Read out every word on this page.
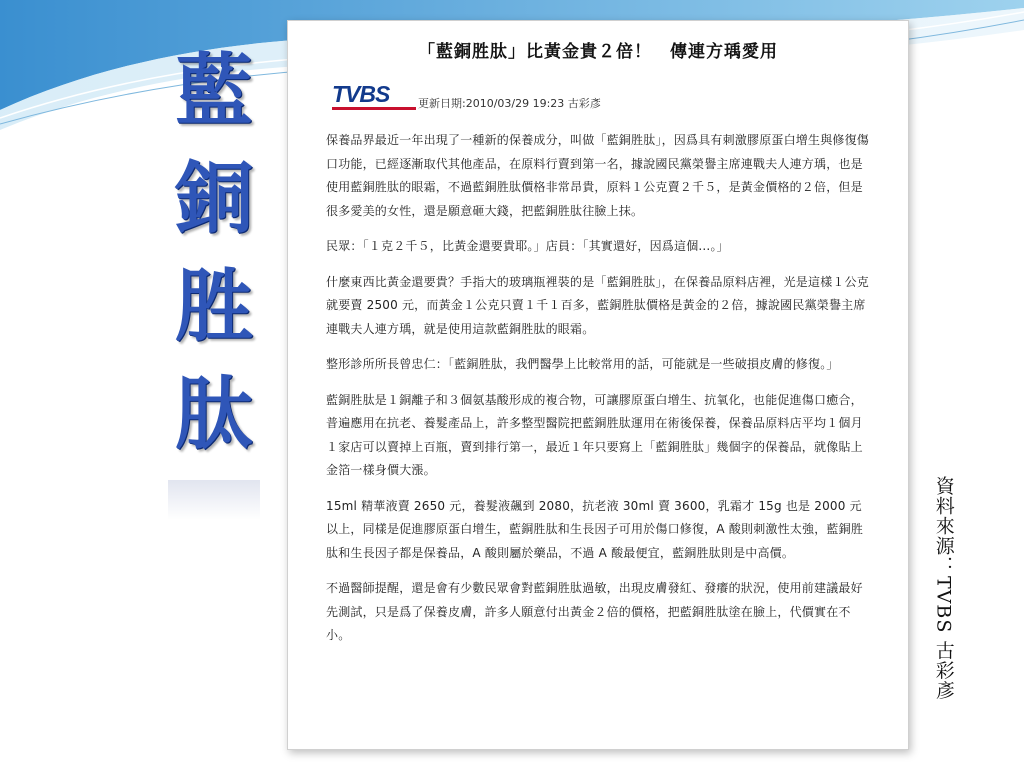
藍
銅
胜
肽
「藍銅胜肽」比黃金貴２倍！　傳連方瑀愛用
TVBS	更新日期:2010/03/29 19:23 古彩彥

保養品界最近一年出現了一種新的保養成分，叫做「藍銅胜肽」，因爲具有刺激膠原蛋白增生與修復傷口功能，已經逐漸取代其他產品，在原料行賣到第一名，據說國民黨榮譽主席連戰夫人連方瑀，也是使用藍銅胜肽的眼霜，不過藍銅胜肽價格非常昂貴，原料１公克賣２千５，是黃金價格的２倍，但是很多愛美的女性，還是願意砸大錢，把藍銅胜肽往臉上抹。

民眾：「１克２千５，比黃金還要貴耶。」店員：「其實還好，因爲這個...。」

什麼東西比黃金還要貴？手指大的玻璃瓶裡裝的是「藍銅胜肽」，在保養品原料店裡，光是這樣１公克就要賣 2500 元，而黃金１公克只賣１千１百多，藍銅胜肽價格是黃金的２倍，據說國民黨榮譽主席連戰夫人連方瑀，就是使用這款藍銅胜肽的眼霜。

整形診所所長曾忠仁：「藍銅胜肽，我們醫學上比較常用的話，可能就是一些破損皮膚的修復。」

藍銅胜肽是１銅離子和３個氨基酸形成的複合物，可讓膠原蛋白增生、抗氧化，也能促進傷口癒合，普遍應用在抗老、養髮產品上，許多整型醫院把藍銅胜肽運用在術後保養，保養品原料店平均１個月１家店可以賣掉上百瓶，賣到排行第一，最近１年只要寫上「藍銅胜肽」幾個字的保養品，就像貼上金箔一樣身價大漲。

15ml 精華液賣 2650 元，養髮液飆到 2080，抗老液 30ml 賣 3600，乳霜才 15g 也是 2000 元以上，同樣是促進膠原蛋白增生，藍銅胜肽和生長因子可用於傷口修復，A 酸則刺激性太強，藍銅胜肽和生長因子都是保養品，A 酸則屬於藥品，不過 A 酸最便宜，藍銅胜肽則是中高價。

不過醫師提醒，還是會有少數民眾會對藍銅胜肽過敏，出現皮膚發紅、發癢的狀況，使用前建議最好先測試，只是爲了保養皮膚，許多人願意付出黃金２倍的價格，把藍銅胜肽塗在臉上，代價實在不小。	資料來源：TVBS 古彩彥
